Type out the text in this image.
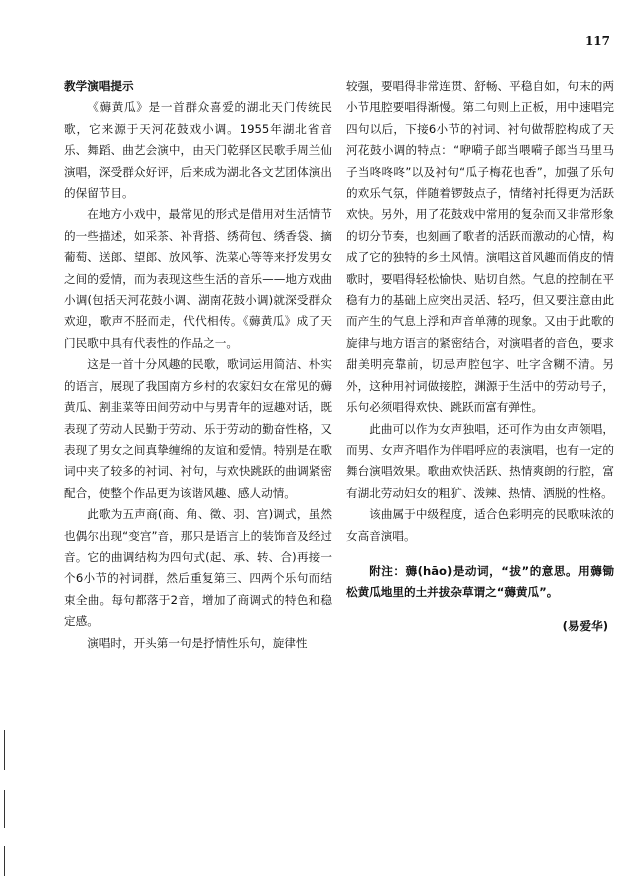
117

教学演唱提示

《薅黄瓜》是一首群众喜爱的湖北天门传统民歌，它来源于天河花鼓戏小调。1955年湖北省音乐、舞蹈、曲艺会演中，由天门乾驿区民歌手周兰仙演唱，深受群众好评，后来成为湖北各文艺团体演出的保留节目。

在地方小戏中，最常见的形式是借用对生活情节的一些描述，如采茶、补背搭、绣荷包、绣香袋、摘葡萄、送郎、望郎、放风筝、洗菜心等等来抒发男女之间的爱情，而为表现这些生活的音乐——地方戏曲小调(包括天河花鼓小调、湖南花鼓小调)就深受群众欢迎，歌声不胫而走，代代相传。《薅黄瓜》成了天门民歌中具有代表性的作品之一。

这是一首十分风趣的民歌，歌词运用简洁、朴实的语言，展现了我国南方乡村的农家妇女在常见的薅黄瓜、割韭菜等田间劳动中与男青年的逗趣对话，既表现了劳动人民勤于劳动、乐于劳动的勤奋性格，又表现了男女之间真挚缠绵的友谊和爱情。特别是在歌词中夹了较多的衬词、衬句，与欢快跳跃的曲调紧密配合，使整个作品更为该谐风趣、感人动情。

此歌为五声商(商、角、徵、羽、宫)调式，虽然也偶尔出现“变宫”音，那只是语言上的装饰音及经过音。它的曲调结构为四句式(起、承、转、合)再接一个6小节的衬词群，然后重复第三、四两个乐句而结束全曲。每句都落于2音，增加了商调式的特色和稳定感。

演唱时，开头第一句是抒情性乐句，旋律性

较强，要唱得非常连贯、舒畅、平稳自如，句末的两小节甩腔要唱得渐慢。第二句则上正板，用中速唱完四句以后，下接6小节的衬词、衬句做帮腔构成了天河花鼓小调的特点：“咿嗬子郎当喂嗬子郎当马里马子当咚咚咚”以及衬句“瓜子梅花也香”，加强了乐句的欢乐气氛，伴随着锣鼓点子，情绪衬托得更为活跃欢快。另外，用了花鼓戏中常用的复杂而又非常形象的切分节奏，也刻画了歌者的活跃而激动的心情，构成了它的独特的乡土风情。演唱这首风趣而俏皮的情歌时，要唱得轻松愉快、贴切自然。气息的控制在平稳有力的基础上应突出灵活、轻巧，但又要注意由此而产生的气息上浮和声音单薄的现象。又由于此歌的旋律与地方语言的紧密结合，对演唱者的音色，要求甜美明亮靠前，切忌声腔包字、吐字含糊不清。另外，这种用衬词做接腔，渊源于生活中的劳动号子，乐句必须唱得欢快、跳跃而富有弹性。

此曲可以作为女声独唱，还可作为由女声领唱，而男、女声齐唱作为伴唱呼应的表演唱，也有一定的舞台演唱效果。歌曲欢快活跃、热情爽朗的行腔，富有湖北劳动妇女的粗犷、泼辣、热情、洒脱的性格。

该曲属于中级程度，适合色彩明亮的民歌味浓的女高音演唱。

附注：薅(hāo)是动词，“拔”的意思。用薅锄松黄瓜地里的土并拔杂草谓之“薅黄瓜”。

(易爱华)
